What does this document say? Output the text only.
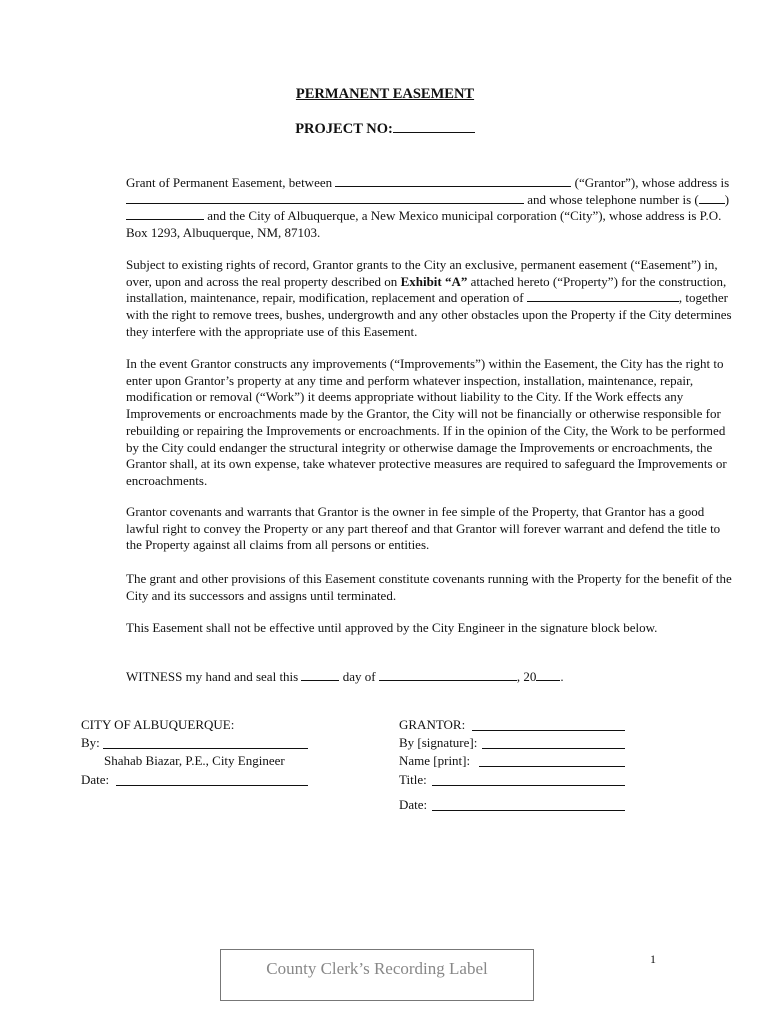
PERMANENT EASEMENT
PROJECT NO:
Grant of Permanent Easement, between	(“Grantor”), whose address is  and whose telephone number is ( )  and the City of Albuquerque, a New Mexico municipal corporation (“City”), whose address is P.O. Box 1293, Albuquerque, NM, 87103.
Subject to existing rights of record, Grantor grants to the City an exclusive, permanent easement (“Easement”) in, over, upon and across the real property described on Exhibit “A” attached hereto (“Property”) for the construction, installation, maintenance, repair, modification, replacement and operation of	, together with the right to remove trees, bushes, undergrowth and any other obstacles upon the Property if the City determines they interfere with the appropriate use of this Easement.
In the event Grantor constructs any improvements (“Improvements”) within the Easement, the City has the right to enter upon Grantor’s property at any time and perform whatever inspection, installation, maintenance, repair, modification or removal (“Work”) it deems appropriate without liability to the City. If the Work effects any Improvements or encroachments made by the Grantor, the City will not be financially or otherwise responsible for rebuilding or repairing the Improvements or encroachments. If in the opinion of the City, the Work to be performed by the City could endanger the structural integrity or otherwise damage the Improvements or encroachments, the Grantor shall, at its own expense, take whatever protective measures are required to safeguard the Improvements or encroachments.
Grantor covenants and warrants that Grantor is the owner in fee simple of the Property, that Grantor has a good lawful right to convey the Property or any part thereof and that Grantor will forever warrant and defend the title to the Property against all claims from all persons or entities.
The grant and other provisions of this Easement constitute covenants running with the Property for the benefit of the City and its successors and assigns until terminated.
This Easement shall not be effective until approved by the City Engineer in the signature block below.
WITNESS my hand and seal this	day of	, 20 .
CITY OF ALBUQUERQUE:
By:
Shahab Biazar, P.E., City Engineer
Date:
GRANTOR:
By [signature]:
Name [print]:
Title:
Date:
1
County Clerk’s Recording Label
